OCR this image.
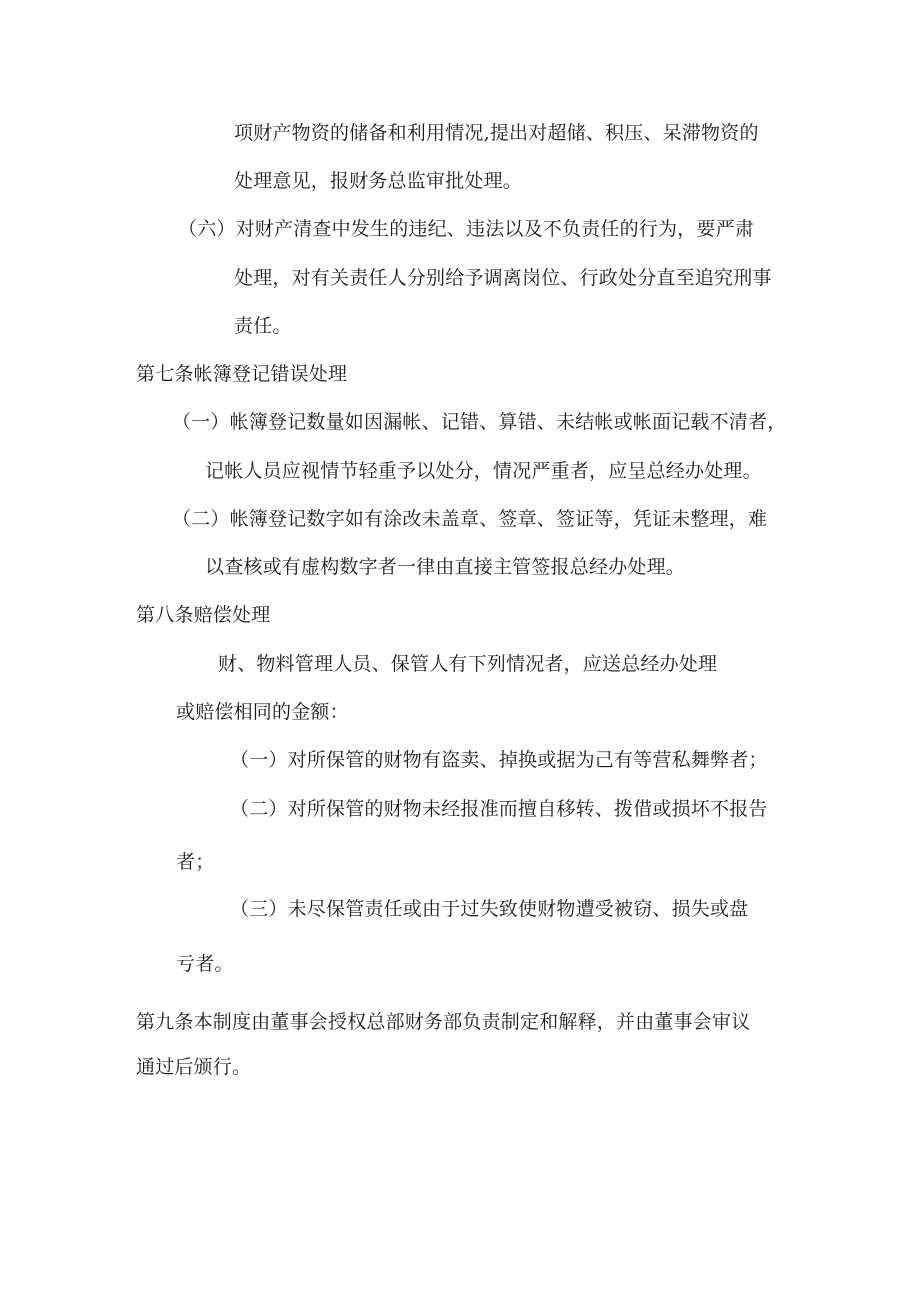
项财产物资的储备和利用情况,提出对超储、积压、呆滞物资的
处理意见，报财务总监审批处理。
（六）对财产清查中发生的违纪、违法以及不负责任的行为，要严肃
处理，对有关责任人分别给予调离岗位、行政处分直至追究刑事
责任。
第七条帐簿登记错误处理
（一）帐簿登记数量如因漏帐、记错、算错、未结帐或帐面记载不清者，
记帐人员应视情节轻重予以处分，情况严重者，应呈总经办处理。
（二）帐簿登记数字如有涂改未盖章、签章、签证等，凭证未整理，难
以查核或有虚构数字者一律由直接主管签报总经办处理。
第八条赔偿处理
财、物料管理人员、保管人有下列情况者，应送总经办处理
或赔偿相同的金额：
（一）对所保管的财物有盗卖、掉换或据为己有等营私舞弊者；
（二）对所保管的财物未经报准而擅自移转、拨借或损坏不报告
者；
（三）未尽保管责任或由于过失致使财物遭受被窃、损失或盘
亏者。
第九条本制度由董事会授权总部财务部负责制定和解释，并由董事会审议
通过后颁行。
